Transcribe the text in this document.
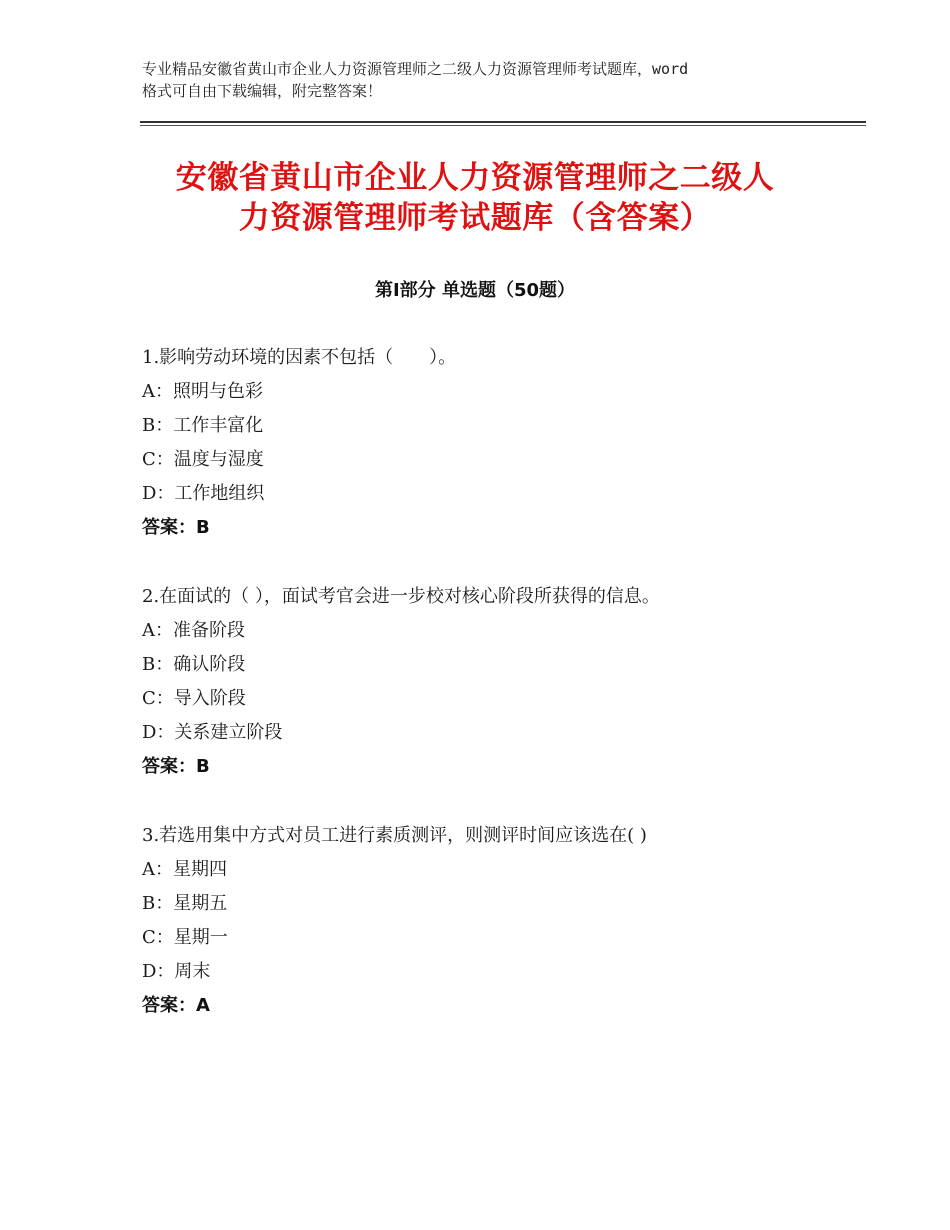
专业精品安徽省黄山市企业人力资源管理师之二级人力资源管理师考试题库，word
格式可自由下载编辑，附完整答案！
安徽省黄山市企业人力资源管理师之二级人
力资源管理师考试题库（含答案）
第Ⅰ部分 单选题（50题）
1.影响劳动环境的因素不包括（　　）。
A：照明与色彩
B：工作丰富化
C：温度与湿度
D：工作地组织
答案：B
2.在面试的（ ），面试考官会进一步校对核心阶段所获得的信息。
A：准备阶段
B：确认阶段
C：导入阶段
D：关系建立阶段
答案：B
3.若选用集中方式对员工进行素质测评，则测评时间应该选在( )
A：星期四
B：星期五
C：星期一
D：周末
答案：A
